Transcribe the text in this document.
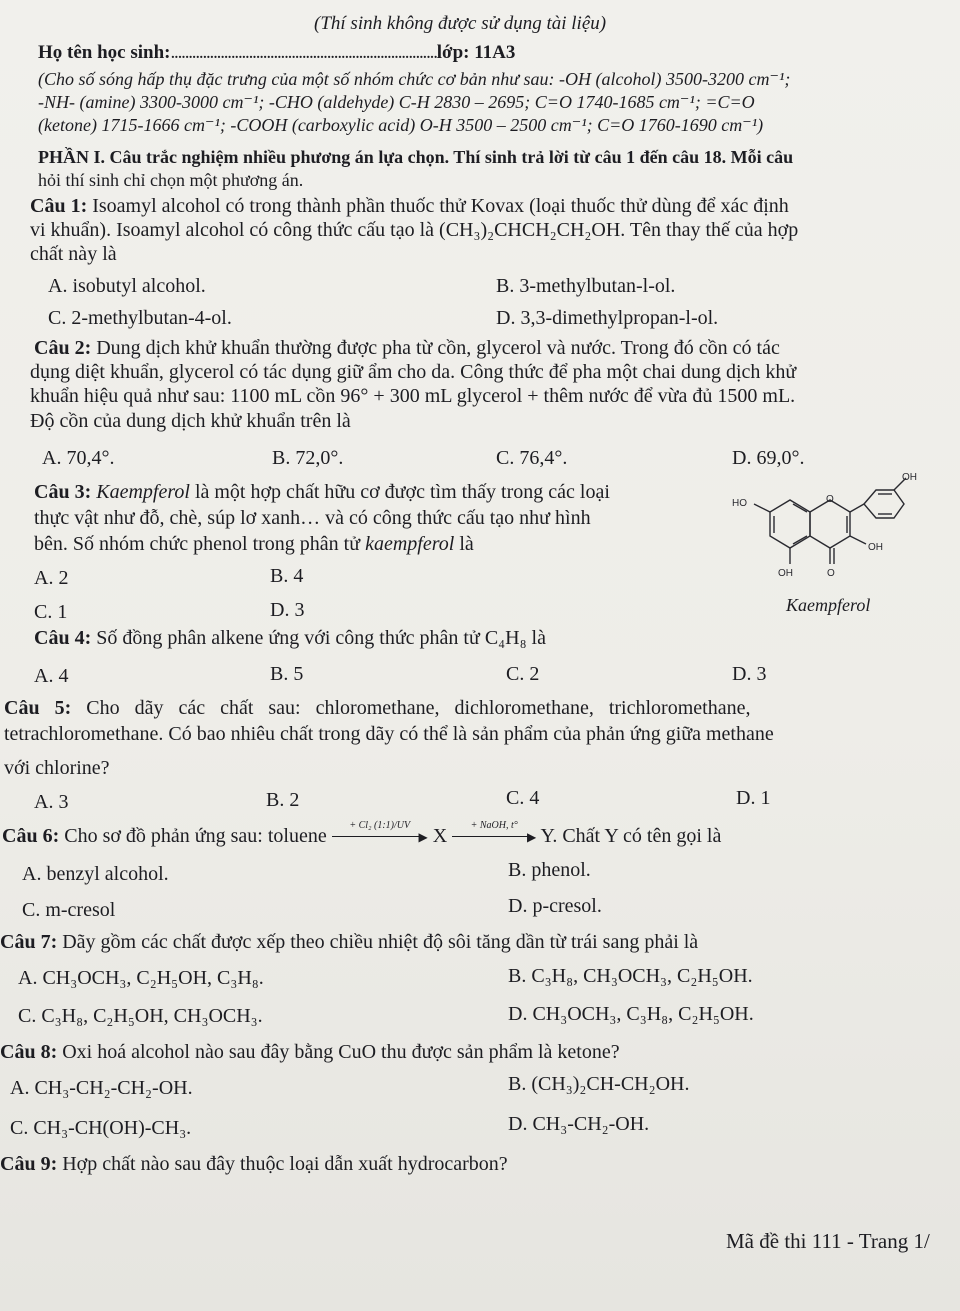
(Thí sinh không được sử dụng tài liệu)
Họ tên học sinh:...........................................................................lớp: 11A3
(Cho số sóng hấp thụ đặc trưng của một số nhóm chức cơ bản như sau: -OH (alcohol) 3500-3200 cm⁻¹;
-NH- (amine) 3300-3000 cm⁻¹; -CHO (aldehyde) C-H 2830 – 2695; C=O 1740-1685 cm⁻¹; =C=O
(ketone) 1715-1666 cm⁻¹; -COOH (carboxylic acid) O-H 3500 – 2500 cm⁻¹; C=O 1760-1690 cm⁻¹)
PHẦN I. Câu trắc nghiệm nhiều phương án lựa chọn. Thí sinh trả lời từ câu 1 đến câu 18. Mỗi câu
hỏi thí sinh chỉ chọn một phương án.
Câu 1: Isoamyl alcohol có trong thành phần thuốc thử Kovax (loại thuốc thử dùng để xác định
vi khuẩn). Isoamyl alcohol có công thức cấu tạo là (CH₃)₂CHCH₂CH₂OH. Tên thay thế của hợp
chất này là
A. isobutyl alcohol.	B. 3-methylbutan-l-ol.
C. 2-methylbutan-4-ol.	D. 3,3-dimethylpropan-l-ol.
Câu 2: Dung dịch khử khuẩn thường được pha từ cồn, glycerol và nước. Trong đó cồn có tác
dụng diệt khuẩn, glycerol có tác dụng giữ ẩm cho da. Công thức để pha một chai dung dịch khử
khuẩn hiệu quả như sau: 1100 mL cồn 96° + 300 mL glycerol + thêm nước để vừa đủ 1500 mL.
Độ cồn của dung dịch khử khuẩn trên là
A. 70,4°.	B. 72,0°.	C. 76,4°.	D. 69,0°.
Câu 3: Kaempferol là một hợp chất hữu cơ được tìm thấy trong các loại
thực vật như đỗ, chè, súp lơ xanh… và có công thức cấu tạo như hình
bên. Số nhóm chức phenol trong phân tử kaempferol là
A. 2	B. 4
C. 1	D. 3
OH
HO	O
OH
OH	O
Kaempferol
Câu 4: Số đồng phân alkene ứng với công thức phân tử C₄H₈ là
A. 4	B. 5	C. 2	D. 3
Câu 5: Cho dãy các chất sau: chloromethane, dichloromethane, trichloromethane,
tetrachloromethane. Có bao nhiêu chất trong dãy có thể là sản phẩm của phản ứng giữa methane
với chlorine?
A. 3	B. 2	C. 4	D. 1
Câu 6: Cho sơ đồ phản ứng sau: toluene	+ Cl₂ (1:1)/UV
▶ X	+ NaOH, t°
▶ Y. Chất Y có tên gọi là
A. benzyl alcohol.	B. phenol.
C. m-cresol	D. p-cresol.
Câu 7: Dãy gồm các chất được xếp theo chiều nhiệt độ sôi tăng dần từ trái sang phải là
A. CH₃OCH₃, C₂H₅OH, C₃H₈.	B. C₃H₈, CH₃OCH₃, C₂H₅OH.
C. C₃H₈, C₂H₅OH, CH₃OCH₃.	D. CH₃OCH₃, C₃H₈, C₂H₅OH.
Câu 8: Oxi hoá alcohol nào sau đây bằng CuO thu được sản phẩm là ketone?
A. CH₃-CH₂-CH₂-OH.	B. (CH₃)₂CH-CH₂OH.
C. CH₃-CH(OH)-CH₃.	D. CH₃-CH₂-OH.
Câu 9: Hợp chất nào sau đây thuộc loại dẫn xuất hydrocarbon?
Mã đề thi 111 - Trang 1/
